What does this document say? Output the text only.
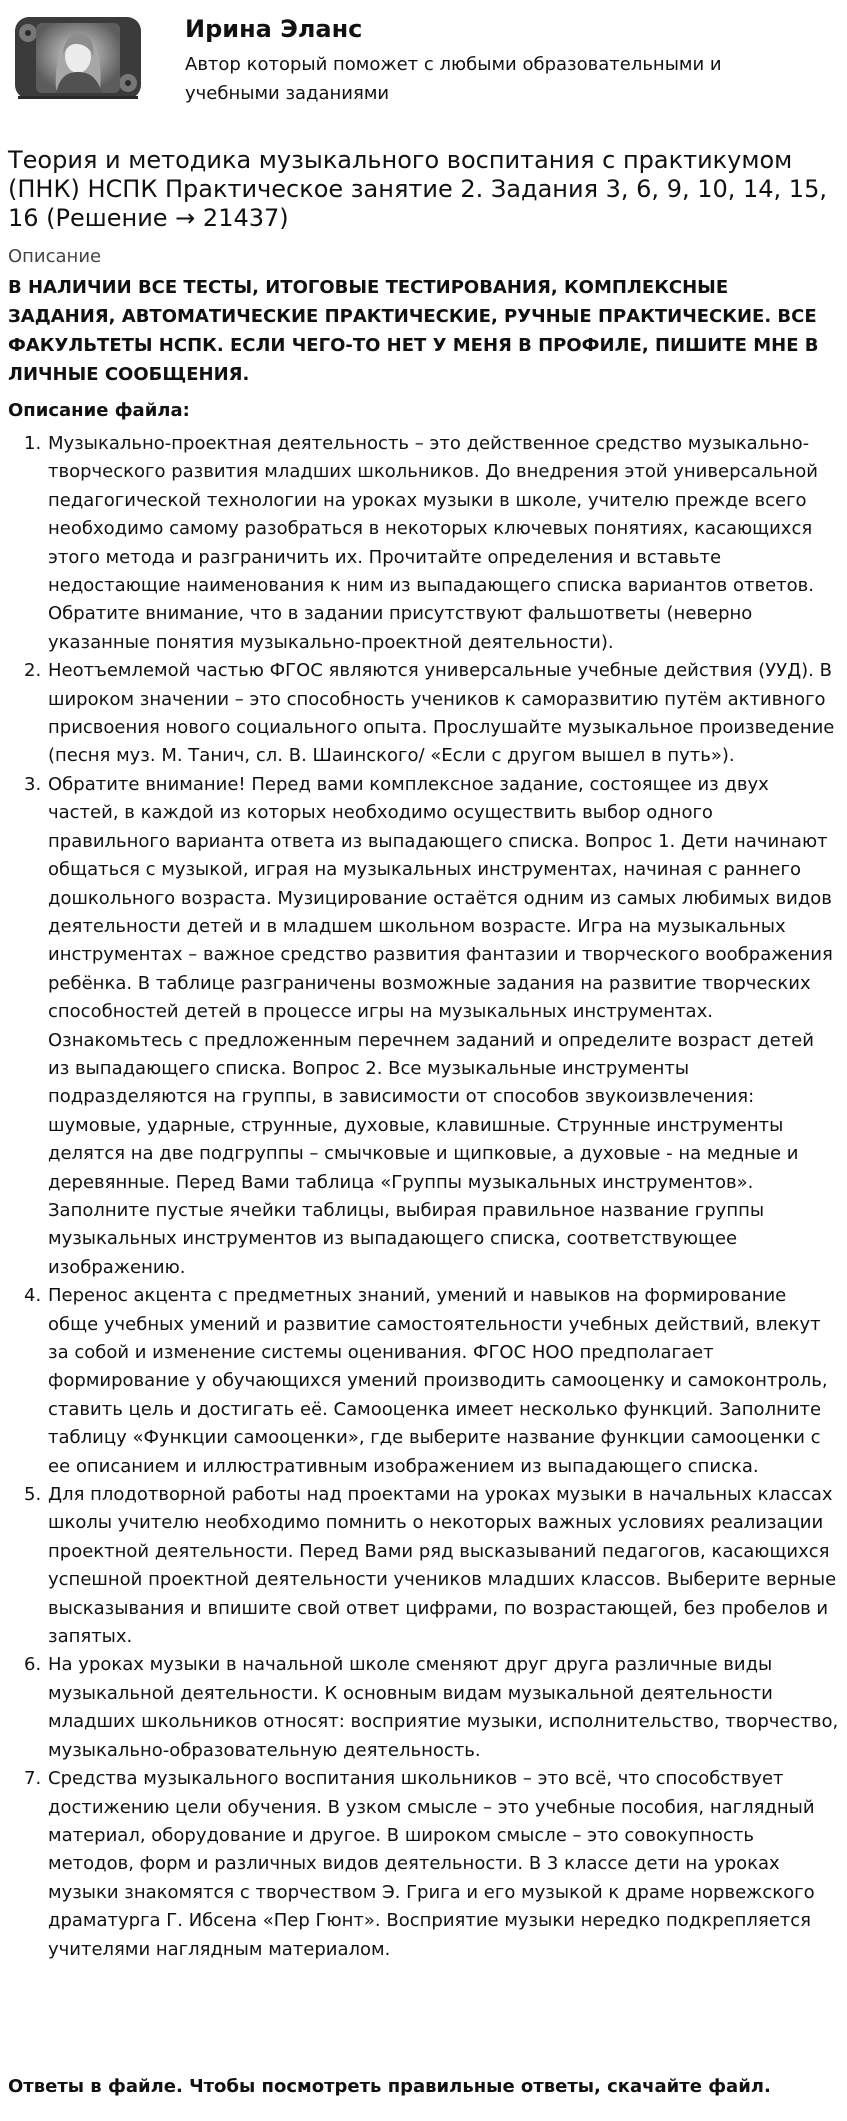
Ирина Эланс
Автор который поможет с любыми образовательными и учебными заданиями
Теория и методика музыкального воспитания с практикумом (ПНК) НСПК Практическое занятие 2. Задания 3, 6, 9, 10, 14, 15, 16 (Решение → 21437)
Описание

В НАЛИЧИИ ВСЕ ТЕСТЫ, ИТОГОВЫЕ ТЕСТИРОВАНИЯ, КОМПЛЕКСНЫЕ ЗАДАНИЯ, АВТОМАТИЧЕСКИЕ ПРАКТИЧЕСКИЕ, РУЧНЫЕ ПРАКТИЧЕСКИЕ. ВСЕ ФАКУЛЬТЕТЫ НСПК. ЕСЛИ ЧЕГО-ТО НЕТ У МЕНЯ В ПРОФИЛЕ, ПИШИТЕ МНЕ В ЛИЧНЫЕ СООБЩЕНИЯ.

Описание файла:

1. Музыкально-проектная деятельность – это действенное средство музыкально-творческого развития младших школьников. До внедрения этой универсальной педагогической технологии на уроках музыки в школе, учителю прежде всего необходимо самому разобраться в некоторых ключевых понятиях, касающихся этого метода и разграничить их. Прочитайте определения и вставьте недостающие наименования к ним из выпадающего списка вариантов ответов. Обратите внимание, что в задании присутствуют фальшответы (неверно указанные понятия музыкально-проектной деятельности).
2. Неотъемлемой частью ФГОС являются универсальные учебные действия (УУД). В широком значении – это способность учеников к саморазвитию путём активного присвоения нового социального опыта. Прослушайте музыкальное произведение (песня муз. М. Танич, сл. В. Шаинского/ «Если с другом вышел в путь»).
3. Обратите внимание! Перед вами комплексное задание, состоящее из двух частей, в каждой из которых необходимо осуществить выбор одного правильного варианта ответа из выпадающего списка. Вопрос 1. Дети начинают общаться с музыкой, играя на музыкальных инструментах, начиная с раннего дошкольного возраста. Музицирование остаётся одним из самых любимых видов деятельности детей и в младшем школьном возрасте. Игра на музыкальных инструментах – важное средство развития фантазии и творческого воображения ребёнка. В таблице разграничены возможные задания на развитие творческих способностей детей в процессе игры на музыкальных инструментах. Ознакомьтесь с предложенным перечнем заданий и определите возраст детей из выпадающего списка. Вопрос 2. Все музыкальные инструменты подразделяются на группы, в зависимости от способов звукоизвлечения: шумовые, ударные, струнные, духовые, клавишные. Струнные инструменты делятся на две подгруппы – смычковые и щипковые, а духовые - на медные и деревянные. Перед Вами таблица «Группы музыкальных инструментов». Заполните пустые ячейки таблицы, выбирая правильное название группы музыкальных инструментов из выпадающего списка, соответствующее изображению.
4. Перенос акцента с предметных знаний, умений и навыков на формирование обще учебных умений и развитие самостоятельности учебных действий, влекут за собой и изменение системы оценивания. ФГОС НОО предполагает формирование у обучающихся умений производить самооценку и самоконтроль, ставить цель и достигать её. Самооценка имеет несколько функций. Заполните таблицу «Функции самооценки», где выберите название функции самооценки с ее описанием и иллюстративным изображением из выпадающего списка.
5. Для плодотворной работы над проектами на уроках музыки в начальных классах школы учителю необходимо помнить о некоторых важных условиях реализации проектной деятельности. Перед Вами ряд высказываний педагогов, касающихся успешной проектной деятельности учеников младших классов. Выберите верные высказывания и впишите свой ответ цифрами, по возрастающей, без пробелов и запятых.
6. На уроках музыки в начальной школе сменяют друг друга различные виды музыкальной деятельности. К основным видам музыкальной деятельности младших школьников относят: восприятие музыки, исполнительство, творчество, музыкально-образовательную деятельность.
7. Средства музыкального воспитания школьников – это всё, что способствует достижению цели обучения. В узком смысле – это учебные пособия, наглядный материал, оборудование и другое. В широком смысле – это совокупность методов, форм и различных видов деятельности. В 3 классе дети на уроках музыки знакомятся с творчеством Э. Грига и его музыкой к драме норвежского драматурга Г. Ибсена «Пер Гюнт». Восприятие музыки нередко подкрепляется учителями наглядным материалом.

Ответы в файле. Чтобы посмотреть правильные ответы, скачайте файл.
